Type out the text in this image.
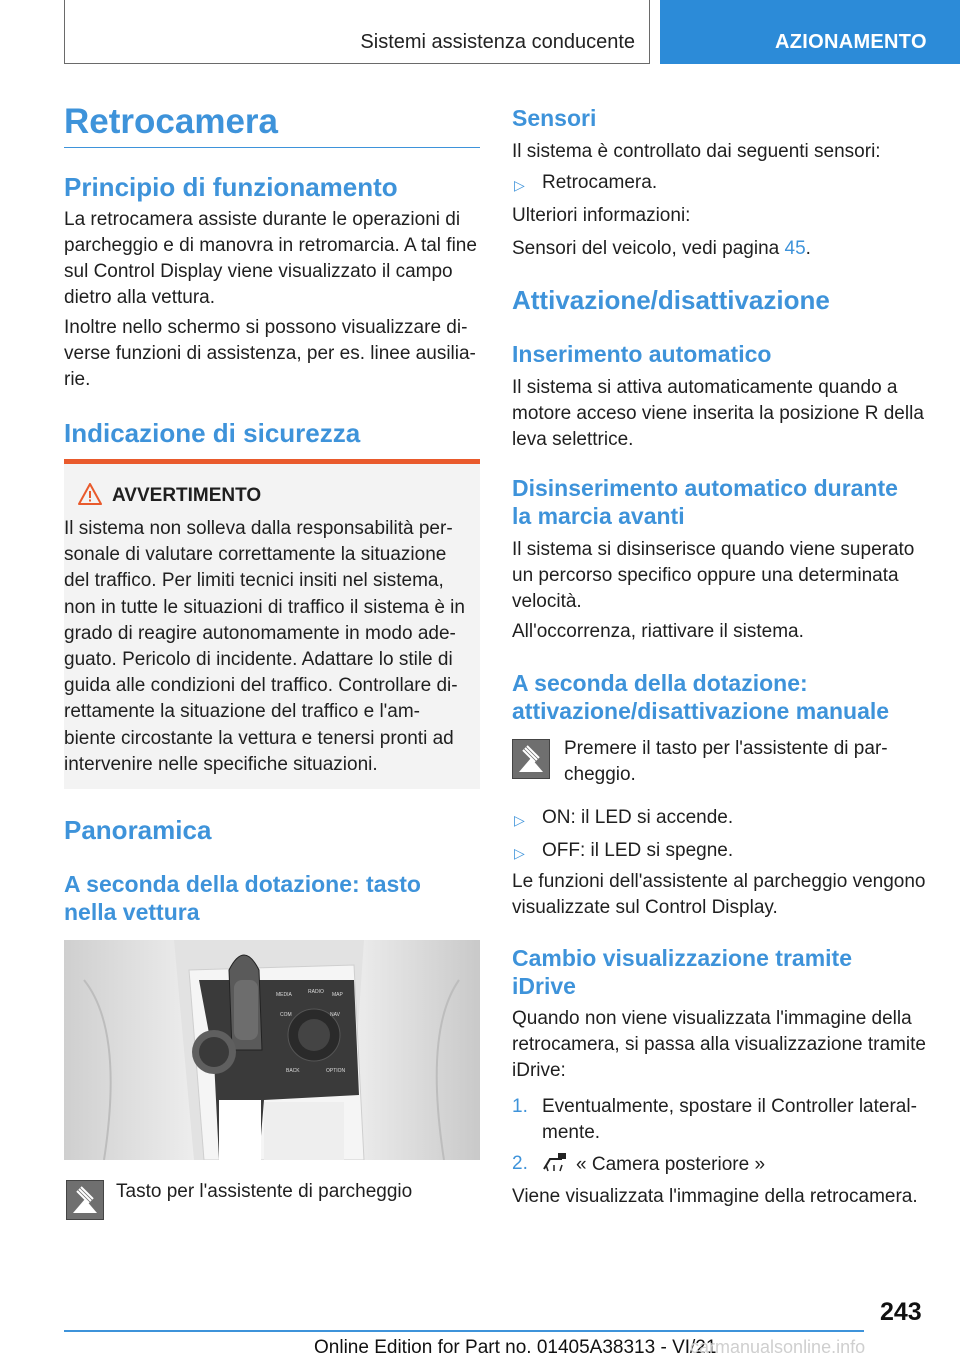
Sistemi assistenza conducente	AZIONAMENTO
Retrocamera
Principio di funzionamento
La retrocamera assiste durante le operazioni di
parcheggio e di manovra in retromarcia. A tal fine
sul Control Display viene visualizzato il campo
dietro alla vettura.
Inoltre nello schermo si possono visualizzare di-
verse funzioni di assistenza, per es. linee ausilia-
rie.
Indicazione di sicurezza
AVVERTIMENTO
Il sistema non solleva dalla responsabilità per-
sonale di valutare correttamente la situazione
del traffico. Per limiti tecnici insiti nel sistema,
non in tutte le situazioni di traffico il sistema è in
grado di reagire autonomamente in modo ade-
guato. Pericolo di incidente. Adattare lo stile di
guida alle condizioni del traffico. Controllare di-
rettamente la situazione del traffico e l'am-
biente circostante la vettura e tenersi pronti ad
intervenire nelle specifiche situazioni.
Panoramica
A seconda della dotazione: tasto
nella vettura
MEDIA	RADIO MAP
COM	NAV
BACK	OPTION
Tasto per l'assistente di parcheggio
Sensori
Il sistema è controllato dai seguenti sensori:
▷ Retrocamera.
Ulteriori informazioni:
Sensori del veicolo, vedi pagina 45.
Attivazione/disattivazione
Inserimento automatico
Il sistema si attiva automaticamente quando a
motore acceso viene inserita la posizione R della
leva selettrice.
Disinserimento automatico durante
la marcia avanti
Il sistema si disinserisce quando viene superato
un percorso specifico oppure una determinata
velocità.
All'occorrenza, riattivare il sistema.
A seconda della dotazione:
attivazione/disattivazione manuale
Premere il tasto per l'assistente di par-
cheggio.
▷ ON: il LED si accende.
▷ OFF: il LED si spegne.
Le funzioni dell'assistente al parcheggio vengono
visualizzate sul Control Display.
Cambio visualizzazione tramite
iDrive
Quando non viene visualizzata l'immagine della
retrocamera, si passa alla visualizzazione tramite
iDrive:
1. Eventualmente, spostare il Controller lateral-
mente.
2.	« Camera posteriore »
Viene visualizzata l'immagine della retrocamera.
243
Online Edition for Part no. 01405A38313 - VI/21
carmanualsonline.info
